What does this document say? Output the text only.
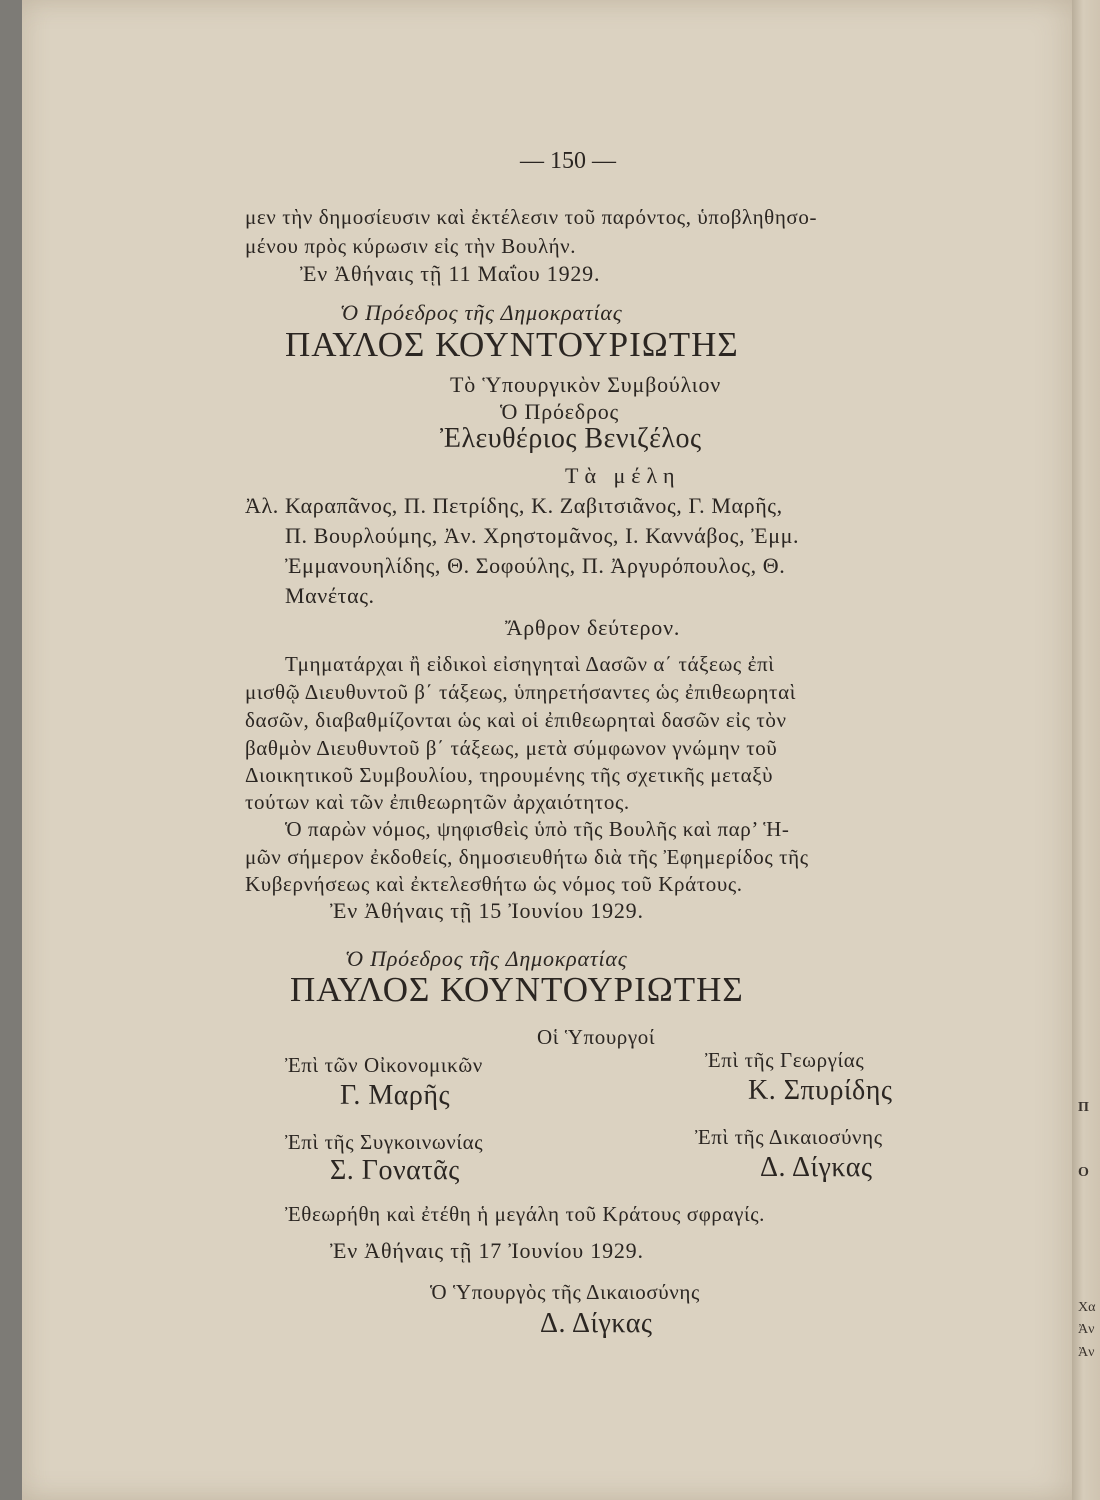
Π
Ο
Χα
Ἀν
Ἀν
— 150 —
μεν τὴν δημοσίευσιν καὶ ἐκτέλεσιν τοῦ παρόντος, ὑποβληθησο-
μένου πρὸς κύρωσιν εἰς τὴν Βουλήν.
Ἐν Ἀθήναις τῇ 11 Μαΐου 1929.
Ὁ Πρόεδρος τῆς Δημοκρατίας
ΠΑΥΛΟΣ ΚΟΥΝΤΟΥΡΙΩΤΗΣ
Τὸ Ὑπουργικὸν Συμβούλιον
Ὁ Πρόεδρος
Ἐλευθέριος Βενιζέλος
Τὰ μέλη
Ἀλ. Καραπᾶνος, Π. Πετρίδης, Κ. Ζαβιτσιᾶνος, Γ. Μαρῆς,
Π. Βουρλούμης, Ἀν. Χρηστομᾶνος, Ι. Καννάβος, Ἐμμ.
Ἐμμανουηλίδης, Θ. Σοφούλης, Π. Ἀργυρόπουλος, Θ.
Μανέτας.
Ἄρθρον δεύτερον.
Τμηματάρχαι ἢ εἰδικοὶ εἰσηγηταὶ Δασῶν α΄ τάξεως ἐπὶ
μισθῷ Διευθυντοῦ β΄ τάξεως, ὑπηρετήσαντες ὡς ἐπιθεωρηταὶ
δασῶν, διαβαθμίζονται ὡς καὶ οἱ ἐπιθεωρηταὶ δασῶν εἰς τὸν
βαθμὸν Διευθυντοῦ β΄ τάξεως, μετὰ σύμφωνον γνώμην τοῦ
Διοικητικοῦ Συμβουλίου, τηρουμένης τῆς σχετικῆς μεταξὺ
τούτων καὶ τῶν ἐπιθεωρητῶν ἀρχαιότητος.
Ὁ παρὼν νόμος, ψηφισθεὶς ὑπὸ τῆς Βουλῆς καὶ παρ’ Ἡ-
μῶν σήμερον ἐκδοθείς, δημοσιευθήτω διὰ τῆς Ἐφημερίδος τῆς
Κυβερνήσεως καὶ ἐκτελεσθήτω ὡς νόμος τοῦ Κράτους.
Ἐν Ἀθήναις τῇ 15 Ἰουνίου 1929.
Ὁ Πρόεδρος τῆς Δημοκρατίας
ΠΑΥΛΟΣ ΚΟΥΝΤΟΥΡΙΩΤΗΣ
Οἱ Ὑπουργοί
Ἐπὶ τῶν Οἰκονομικῶν
Γ. Μαρῆς
Ἐπὶ τῆς Γεωργίας
Κ. Σπυρίδης
Ἐπὶ τῆς Συγκοινωνίας
Σ. Γονατᾶς
Ἐπὶ τῆς Δικαιοσύνης
Δ. Δίγκας
Ἐθεωρήθη καὶ ἐτέθη ἡ μεγάλη τοῦ Κράτους σφραγίς.
Ἐν Ἀθήναις τῇ 17 Ἰουνίου 1929.
Ὁ Ὑπουργὸς τῆς Δικαιοσύνης
Δ. Δίγκας
